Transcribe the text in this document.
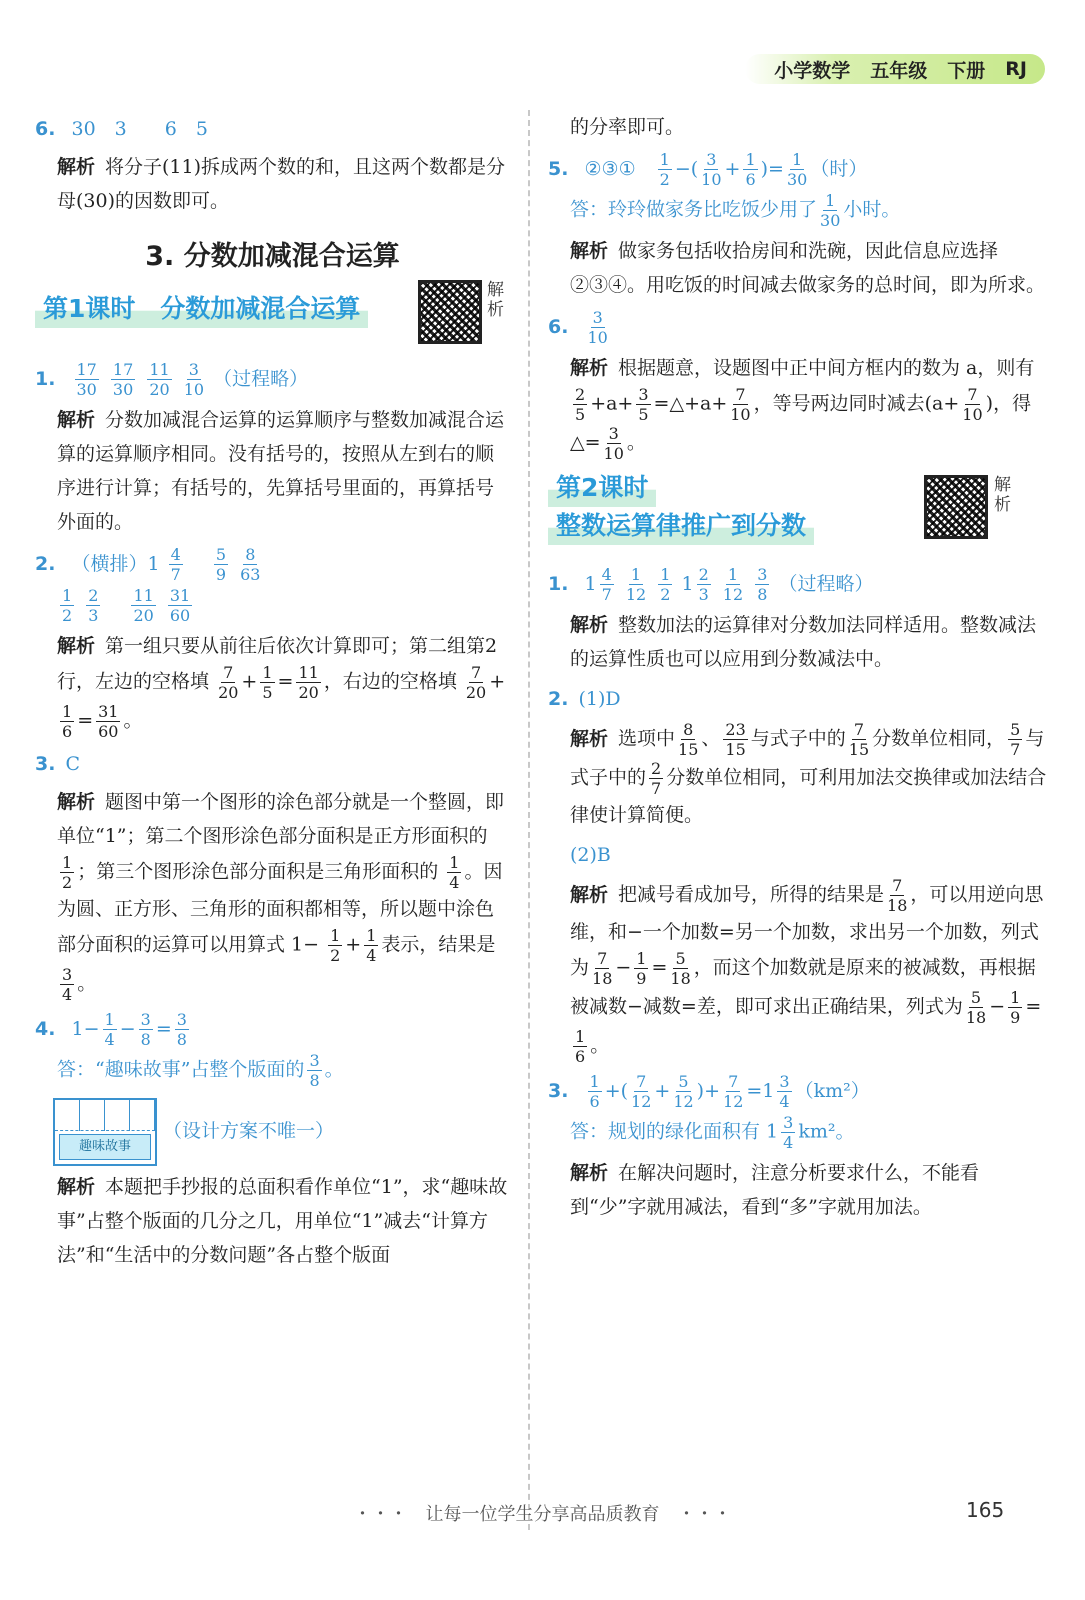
小学数学 五年级 下册 RJ
6. 30　3　　6　5
解析 将分子(11)拆成两个数的和，且这两个数都是分母(30)的因数即可。
3. 分数加减混合运算
第1课时　分数加减混合运算
解析
1. $\frac{17}{30}$
$\frac{17}{30}$
$\frac{11}{20}$
$\frac{3}{10}$ （过程略）
解析 分数加减混合运算的运算顺序与整数加减混合运算的运算顺序相同。没有括号的，按照从左到右的顺序进行计算；有括号的，先算括号里面的，再算括号外面的。
2. （横排）$1 \frac{4}{7}$
　 $\frac{5}{9}$
$\frac{8}{63}$
$\frac{1}{2}$
$\frac{2}{3}$
　 $\frac{11}{20}$
$\frac{31}{60}$
解析 第一组只要从前往后依次计算即可；第二组第2行，左边的空格填 $\frac{7}{20} + \frac{1}{5} = \frac{11}{20}$ ，右边的空格填 $\frac{7}{20}$ +
$\frac{1}{6} = \frac{31}{60}$ 。
3. C
解析 题图中第一个图形的涂色部分就是一个整圆，即单位“1”；第二个图形涂色部分面积是正方形面积的
$\frac{1}{2}$ ；第三个图形涂色部分面积是三角形面积的 $\frac{1}{4}$ 。因为圆、正方形、三角形的面积都相等，所以题中涂色部分面积的运算可以用算式 $1- \frac{1}{2} + \frac{1}{4}$ 表示，结果是
$\frac{3}{4}$ 。
4. $1- \frac{1}{4} - \frac{3}{8} = \frac{3}{8}$
答：“趣味故事”占整个版面的 $\frac{3}{8}$ 。
趣味故事
（设计方案不唯一）
解析 本题把手抄报的总面积看作单位“1”，求“趣味故事”占整个版面的几分之几，用单位“1”减去“计算方法”和“生活中的分数问题”各占整个版面
的分率即可。
5. ②③①　 $\frac{1}{2}$ −( $\frac{3}{10} + \frac{1}{6}$ )= $\frac{1}{30}$ （时）
答：玲玲做家务比吃饭少用了 $\frac{1}{30}$ 小时。
解析 做家务包括收拾房间和洗碗，因此信息应选择②③④。用吃饭的时间减去做家务的总时间，即为所求。
6. $\frac{3}{10}$
解析 根据题意，设题图中正中间方框内的数为 a，则有
$\frac{2}{5} +a+ \frac{3}{5}$ =△+a+ $\frac{7}{10}$ ，等号两边同时减去($a+ \frac{7}{10}$ )，得△= $\frac{3}{10}$ 。
第2课时
整数运算律推广到分数
解析
1. $1 \frac{4}{7}$
$\frac{1}{12}$
$\frac{1}{2} 1 \frac{2}{3}$
$\frac{1}{12}$
$\frac{3}{8}$ （过程略）
解析 整数加法的运算律对分数加法同样适用。整数减法的运算性质也可以应用到分数减法中。
2. (1)D
解析 选项中 $\frac{8}{15}$ 、 $\frac{23}{15}$ 与式子中的 $\frac{7}{15}$ 分数单位相同， $\frac{5}{7}$ 与式子中的 $\frac{2}{7}$ 分数单位相同，可利用加法交换律或加法结合律使计算简便。
(2)B
解析 把减号看成加号，所得的结果是 $\frac{7}{18}$ ，可以用逆向思维，和−一个加数=另一个加数，求出另一个加数，列式为 $\frac{7}{18} - \frac{1}{9} = \frac{5}{18}$ ，而这个加数就是原来的被减数，再根据被减数−减数=差，即可求出正确结果，列式为 $\frac{5}{18} - \frac{1}{9}$ =
$\frac{1}{6}$ 。
3. $\frac{1}{6}$ +( $\frac{7}{12} + \frac{5}{12}$ )+ $\frac{7}{12} =1 \frac{3}{4} (km^2)$
答：规划的绿化面积有 $1 \frac{3}{4} km^2$。
解析 在解决问题时，注意分析要求什么，不能看到“少”字就用减法，看到“多”字就用加法。
・・・　让每一位学生分享高品质教育　・・・	165
